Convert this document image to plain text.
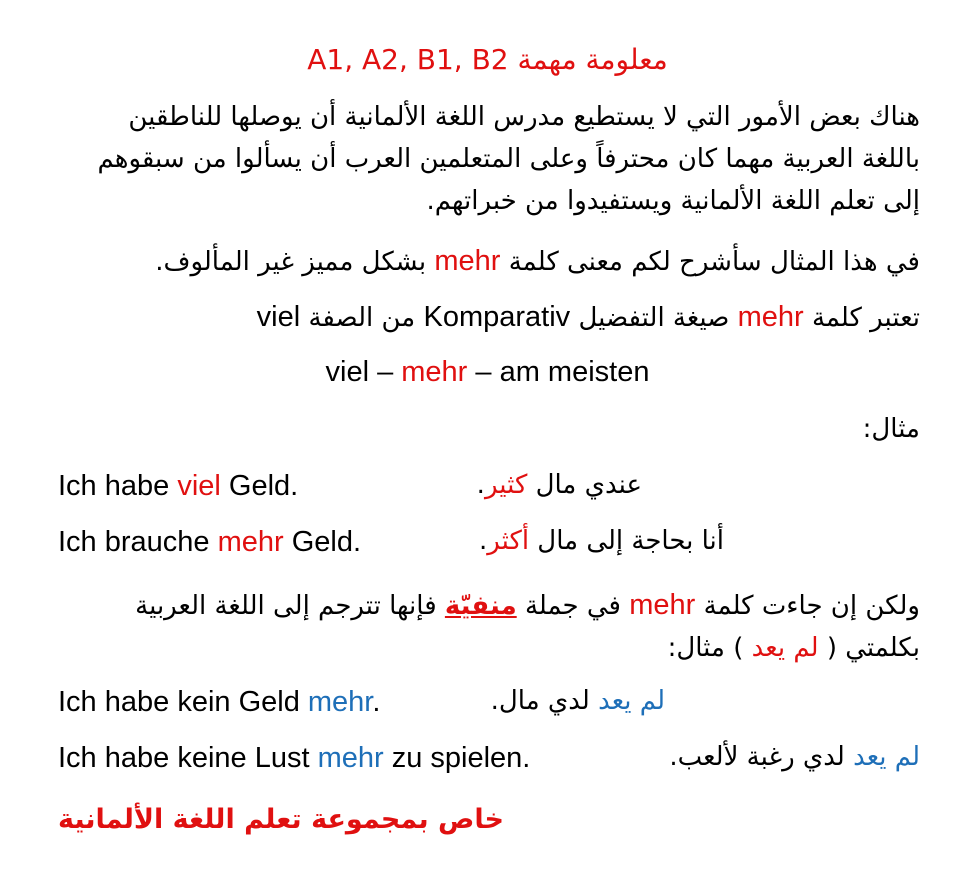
A1, A2, B1, B2 معلومة مهمة
هناك بعض الأمور التي لا يستطيع مدرس اللغة الألمانية أن يوصلها للناطقين باللغة العربية مهما كان محترفاً وعلى المتعلمين العرب أن يسألوا من سبقوهم إلى تعلم اللغة الألمانية ويستفيدوا من خبراتهم.
في هذا المثال سأشرح لكم معنى كلمة mehr بشكل مميز غير المألوف.
تعتبر كلمة mehr صيغة التفضيل Komparativ من الصفة viel
viel – mehr – am meisten
مثال:
Ich habe viel Geld.	عندي مال كثير.
Ich brauche mehr Geld.	أنا بحاجة إلى مال أكثر.
ولكن إن جاءت كلمة mehr في جملة منفيّة فإنها تترجم إلى اللغة العربية بكلمتي ( لم يعد ) مثال:
Ich habe kein Geld mehr.	لم يعد لدي مال.
Ich habe keine Lust mehr zu spielen.	لم يعد لدي رغبة لألعب.
خاص بمجموعة تعلم اللغة الألمانية
